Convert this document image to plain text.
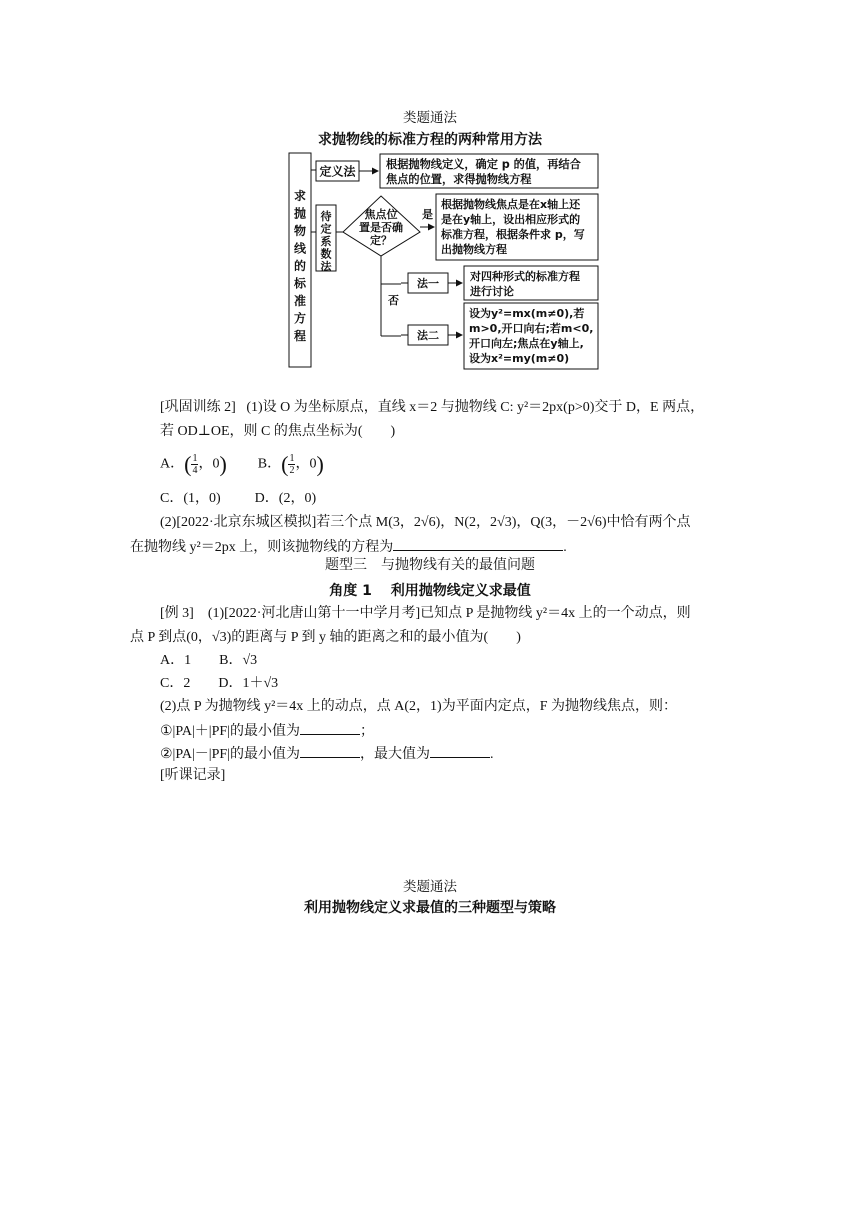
类题通法
求抛物线的标准方程的两种常用方法
求
抛
物
线
的
标
准
方
程
定义法	根据抛物线定义，确定 p 的值，再结合焦点的位置，求得抛物线方程
待
定
系
数
法
焦点位置是否确定？
是
根据抛物线焦点是在x轴上还是在y轴上，设出相应形式的标准方程，根据条件求 p，写出抛物线方程
否
法一
对四种形式的标准方程进行讨论
法二
设为y²=mx(m≠0),若 m>0,开口向右;若m<0,开口向左;焦点在y轴上,设为x²=my(m≠0)
[巩固训练 2] (1)设 O 为坐标原点，直线 x＝2 与抛物线 C: y²＝2px(p>0)交于 D，E 两点，
若 OD⊥OE，则 C 的焦点坐标为(　　)
A．( $\frac{1}{4}$ ，0) B．( $\frac{1}{2}$ ，0)
C．(1，0) D．(2，0)
(2)[2022·北京东城区模拟]若三个点 M(3，2√6)，N(2，2√3)，Q(3，－2√6)中恰有两个点
在抛物线 y²＝2px 上，则该抛物线的方程为	.
题型三　与抛物线有关的最值问题
角度 1　 利用抛物线定义求最值
[例 3]　(1)[2022·河北唐山第十一中学月考]已知点 P 是抛物线 y²＝4x 上的一个动点，则
点 P 到点(0，√3)的距离与 P 到 y 轴的距离之和的最小值为(　　)
A．1　　B．√3
C．2　　D．1＋√3
(2)点 P 为抛物线 y²＝4x 上的动点，点 A(2，1)为平面内定点，F 为抛物线焦点，则：
①|PA|＋|PF|的最小值为	；
②|PA|－|PF|的最小值为	，最大值为	.
[听课记录]
类题通法
利用抛物线定义求最值的三种题型与策略
